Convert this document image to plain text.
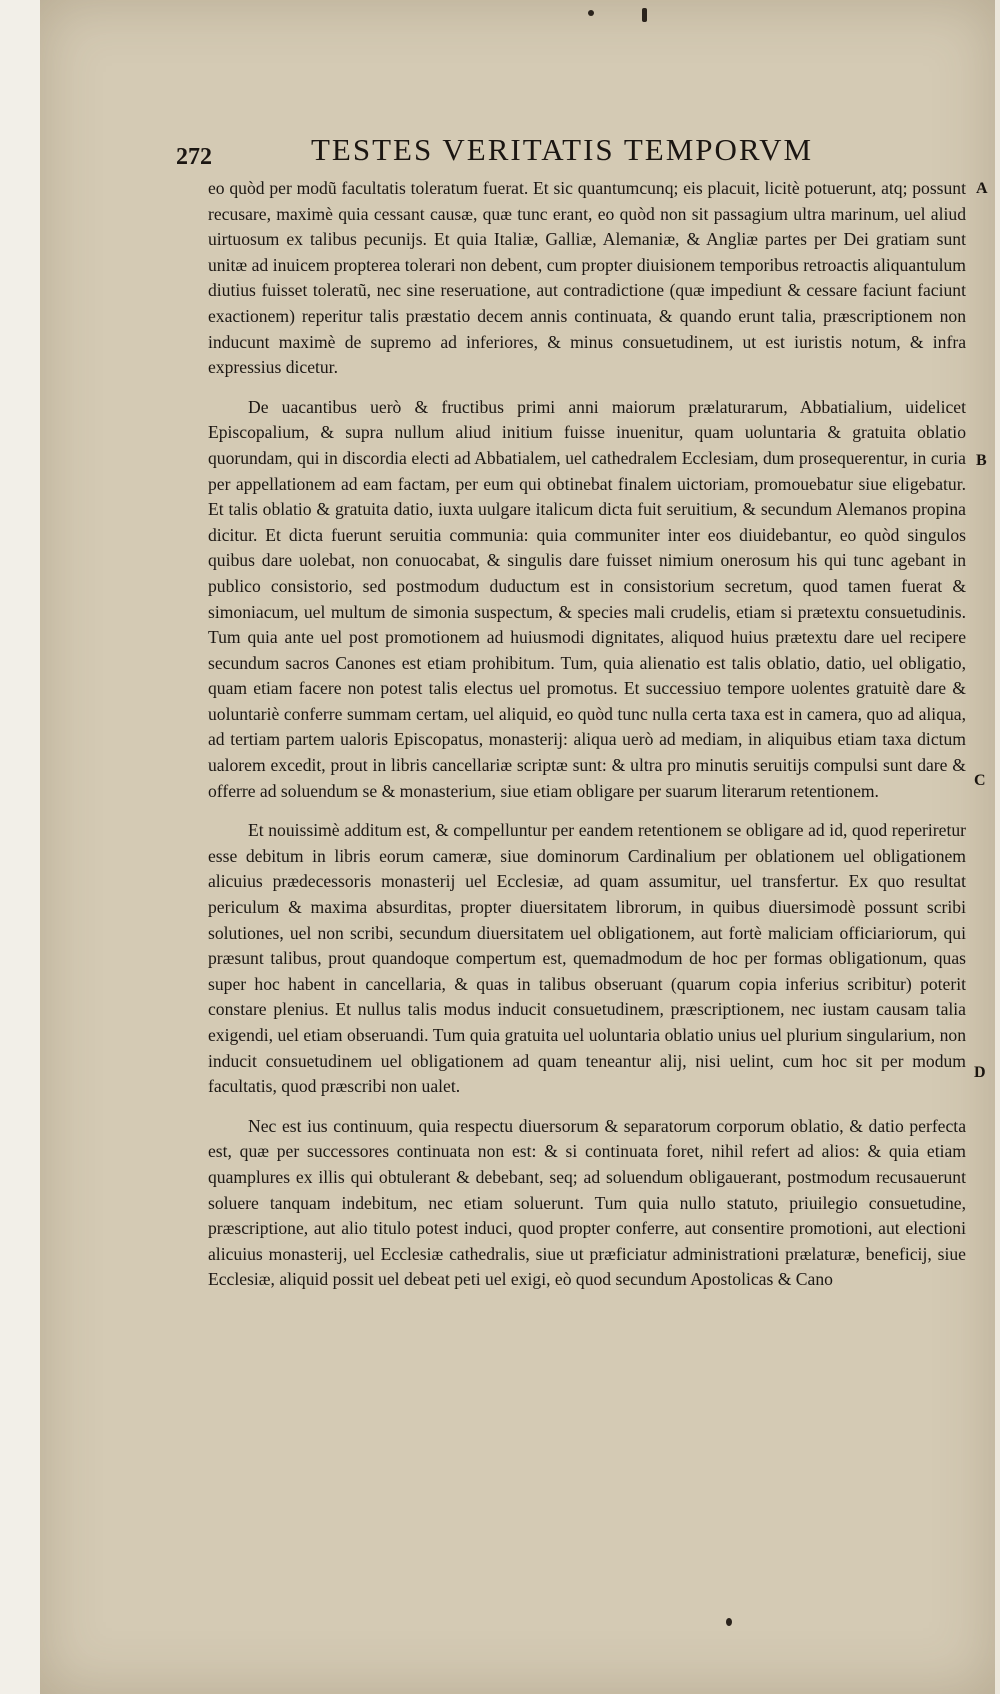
272	TESTES VERITATIS TEMPORVM

eo quòd per modũ facultatis toleratum fuerat. Et sic quantumcunq; eis placuit, licitè potuerunt, atq; possunt recusare, maximè quia cessant causæ, quæ tunc erant, eo quòd non sit passagium ultra marinum, uel aliud uirtuosum ex talibus pecunijs. Et quia Italiæ, Galliæ, Alemaniæ, & Angliæ partes per Dei gratiam sunt unitæ ad inuicem propterea tolerari non debent, cum propter diuisionem temporibus retroactis aliquantulum diutius fuisset toleratũ, nec sine reseruatione, aut contradictione (quæ impediunt & cessare faciunt faciunt exactionem) reperitur talis præstatio decem annis continuata, & quando erunt talia, præscriptionem non inducunt maximè de supremo ad inferiores, & minus consuetudinem, ut est iuristis notum, & infra expressius dicetur.

De uacantibus uerò & fructibus primi anni maiorum prælaturarum, Abbatialium, uidelicet Episcopalium, & supra nullum aliud initium fuisse inuenitur, quam uoluntaria & gratuita oblatio quorundam, qui in discordia electi ad Abbatialem, uel cathedralem Ecclesiam, dum prosequerentur, in curia per appellationem ad eam factam, per eum qui obtinebat finalem uictoriam, promouebatur siue eligebatur. Et talis oblatio & gratuita datio, iuxta uulgare italicum dicta fuit seruitium, & secundum Alemanos propina dicitur. Et dicta fuerunt seruitia communia: quia communiter inter eos diuidebantur, eo quòd singulos quibus dare uolebat, non conuocabat, & singulis dare fuisset nimium onerosum his qui tunc agebant in publico consistorio, sed postmodum duductum est in consistorium secretum, quod tamen fuerat & simoniacum, uel multum de simonia suspectum, & species mali crudelis, etiam si prætextu consuetudinis. Tum quia ante uel post promotionem ad huiusmodi dignitates, aliquod huius prætextu dare uel recipere secundum sacros Canones est etiam prohibitum. Tum, quia alienatio est talis oblatio, datio, uel obligatio, quam etiam facere non potest talis electus uel promotus. Et successiuo tempore uolentes gratuitè dare & uoluntariè conferre summam certam, uel aliquid, eo quòd tunc nulla certa taxa est in camera, quo ad aliqua, ad tertiam partem ualoris Episcopatus, monasterij: aliqua uerò ad mediam, in aliquibus etiam taxa dictum ualorem excedit, prout in libris cancellariæ scriptæ sunt: & ultra pro minutis seruitijs compulsi sunt dare & offerre ad soluendum se & monasterium, siue etiam obligare per suarum literarum retentionem.

Et nouissimè additum est, & compelluntur per eandem retentionem se obligare ad id, quod reperiretur esse debitum in libris eorum cameræ, siue dominorum Cardinalium per oblationem uel obligationem alicuius prædecessoris monasterij uel Ecclesiæ, ad quam assumitur, uel transfertur. Ex quo resultat periculum & maxima absurditas, propter diuersitatem librorum, in quibus diuersimodè possunt scribi solutiones, uel non scribi, secundum diuersitatem uel obligationem, aut fortè maliciam officiariorum, qui præsunt talibus, prout quandoque compertum est, quemadmodum de hoc per formas obligationum, quas super hoc habent in cancellaria, & quas in talibus obseruant (quarum copia inferius scribitur) poterit constare plenius. Et nullus talis modus inducit consuetudinem, præscriptionem, nec iustam causam talia exigendi, uel etiam obseruandi. Tum quia gratuita uel uoluntaria oblatio unius uel plurium singularium, non inducit consuetudinem uel obligationem ad quam teneantur alij, nisi uelint, cum hoc sit per modum facultatis, quod præscribi non ualet.

Nec est ius continuum, quia respectu diuersorum & separatorum corporum oblatio, & datio perfecta est, quæ per successores continuata non est: & si continuata foret, nihil refert ad alios: & quia etiam quamplures ex illis qui obtulerant & debebant, seq; ad soluendum obligauerant, postmodum recusauerunt soluere tanquam indebitum, nec etiam soluerunt. Tum quia nullo statuto, priuilegio consuetudine, præscriptione, aut alio titulo potest induci, quod propter conferre, aut consentire promotioni, aut electioni alicuius monasterij, uel Ecclesiæ cathedralis, siue ut præficiatur administrationi prælaturæ, beneficij, siue Ecclesiæ, aliquid possit uel debeat peti uel exigi, eò quod secundum Apostolicas & Cano

A
B
C
D
